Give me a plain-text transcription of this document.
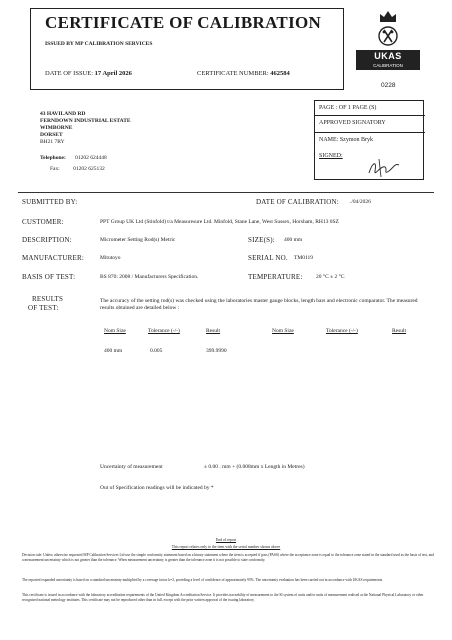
CERTIFICATE OF CALIBRATION
ISSUED BY MP CALIBRATION SERVICES
DATE OF ISSUE: 17 April 2026	CERTIFICATE NUMBER: 462584
UKAS
CALIBRATION
0228
43 HAVILAND RD
FERNDOWN INDUSTRIAL ESTATE
WIMBORNE
DORSET
BH21 7RY
Telephone: 01202 624448
Fax: 01202 625132
PAGE : OF 1 PAGE (S)
APPROVED SIGNATORY
NAME: Szymon Bryk
SIGNED:
SUBMITTED BY:	DATE OF CALIBRATION: ./04/2026
CUSTOMER:	PPT Group UK Ltd (Stinfold) t/a Measuresure Ltd. Minfold, Stane Lane, West Sussex, Horsham, RH13 0SZ
DESCRIPTION:	Micrometer Setting Rod(s) Metric	SIZE(S): 400 mm
MANUFACTURER:	Mitutoyo	SERIAL NO. TM0119
BASIS OF TEST:	BS 870: 2008 / Manufacturers Specification.	TEMPERATURE: 20 °C ± 2 °C
RESULTS
OF TEST:
The accuracy of the setting rod(s) was checked using the laboratories master gauge blocks, length bars and electronic comparator. The measured results obtained are detailed below :
Nom Size	Tolerance (-/-)	Result	Nom Size	Tolerance (-/-)	Result
400 mm	0.005	399.9990
Uncertainty of measurement	± 0.00 . mm + (0.008mm x Length in Metres)
Out of Specification readings will be indicated by *
End of report
This report relates only to the item with the serial number shown above
Decision rule: Unless otherwise requested MP Calibration Services Ltd use the simple conformity statement based on a binary statement where the item is accepted if pass (PASS) where the acceptance zone is equal to the tolerance zone stated in the standard used as the basis of test, and a measurement uncertainty which is not greater than the tolerance. When measurement uncertainty is greater than the tolerance zone it is not possible to state conformity.
The reported expanded uncertainty is based on a standard uncertainty multiplied by a coverage factor k=2, providing a level of confidence of approximately 95%. The uncertainty evaluation has been carried out in accordance with UKAS requirements.
This certificate is issued in accordance with the laboratory accreditation requirements of the United Kingdom Accreditation Service. It provides traceability of measurement to the SI system of units and/or units of measurement realised at the National Physical Laboratory or other recognised national metrology institutes. This certificate may not be reproduced other than in full, except with the prior written approval of the issuing laboratory.
